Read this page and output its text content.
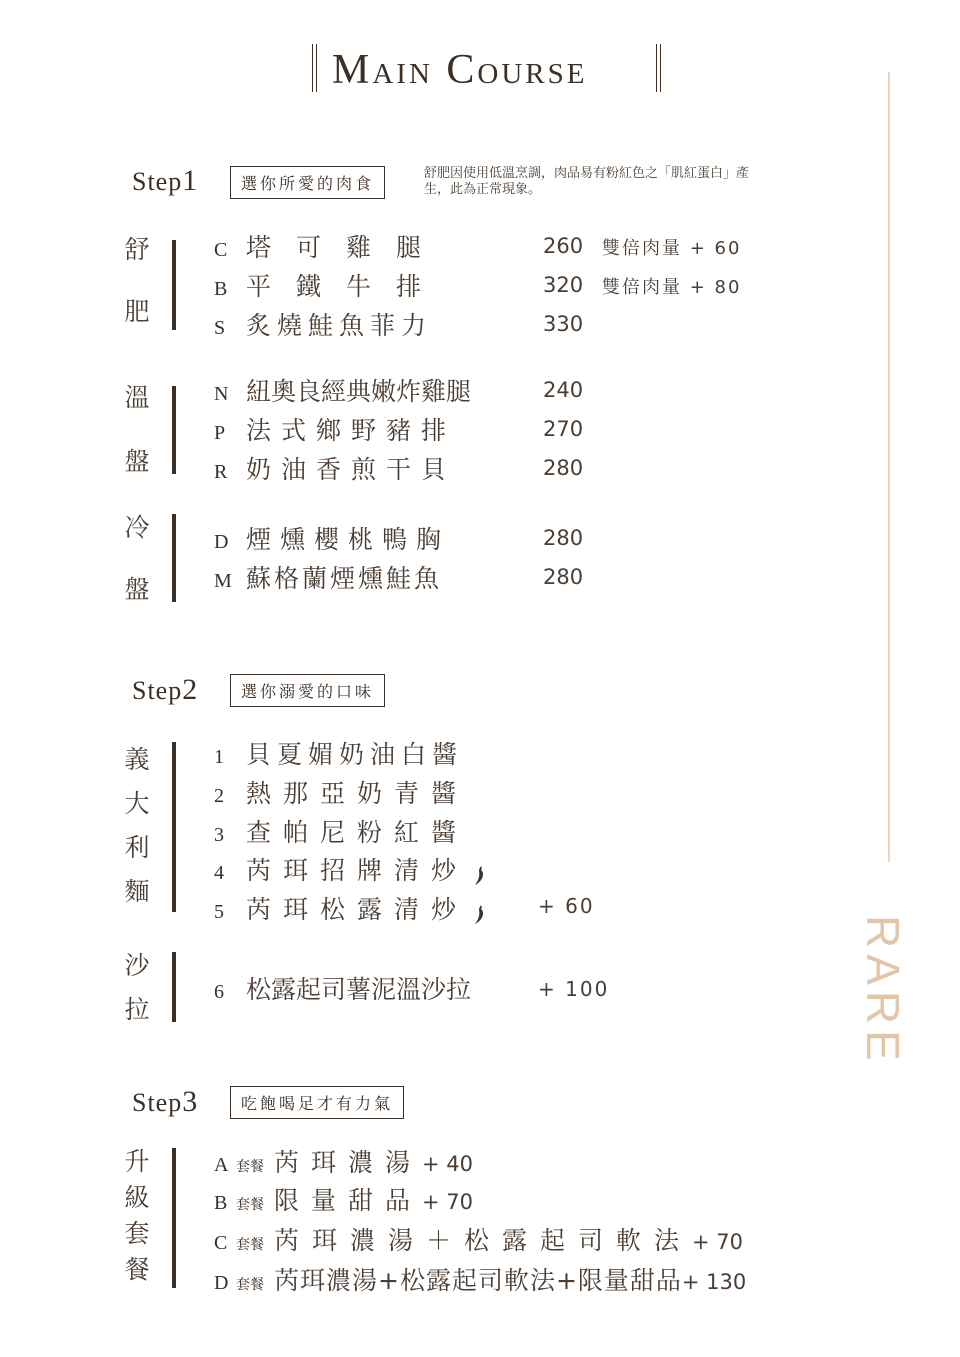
Main Course
RARE
Step1	選你所愛的肉食
舒肥因使用低溫烹調，肉品易有粉紅色之「肌紅蛋白」產生，此為正常現象。
舒
肥
C 塔　可　雞　腿	260 雙倍肉量 + 60
B 平　鐵　牛　排	320 雙倍肉量 + 80
S 炙燒鮭魚菲力	330
溫
盤
N 紐奧良經典嫩炸雞腿	240
P 法式鄉野豬排	270
R 奶油香煎干貝	280
冷
盤
D 煙燻櫻桃鴨胸	280
M 蘇格蘭煙燻鮭魚	280
Step2	選你溺愛的口味
義
大
利
麵
1 貝夏媚奶油白醬
2 熱那亞奶青醬
3 查帕尼粉紅醬
4 芮珥招牌清炒
5 芮珥松露清炒	+ 60
沙
拉
6 松露起司薯泥溫沙拉	+ 100
Step3	吃飽喝足才有力氣
升
級
套
餐
A 套餐 芮珥濃湯+ 40
B 套餐 限量甜品+ 70
C 套餐 芮珥濃湯＋松露起司軟法+ 70
D 套餐 芮珥濃湯+松露起司軟法+限量甜品+ 130
